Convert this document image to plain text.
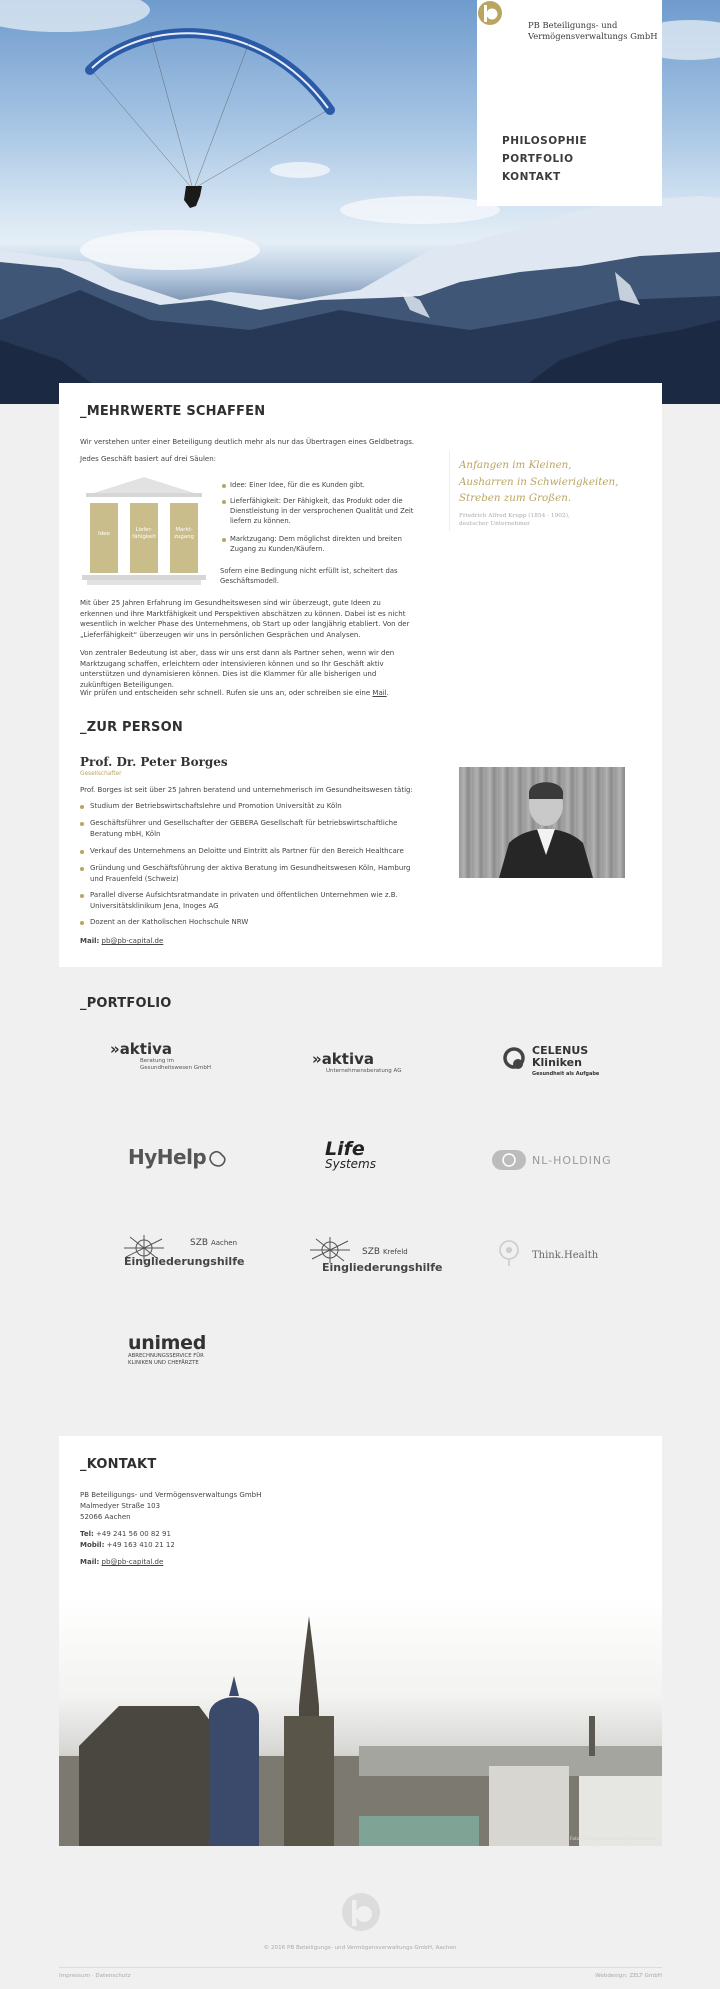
PB Beteiligungs- und
Vermögensverwaltungs GmbH
PHILOSOPHIE
PORTFOLIO
KONTAKT
_MEHRWERTE SCHAFFEN

Wir verstehen unter einer Beteiligung deutlich mehr als nur das Übertragen eines Geldbetrags.

Jedes Geschäft basiert auf drei Säulen:

Idee
Liefer-
fähigkeit
Markt-
zugang

Idee: Einer Idee, für die es Kunden gibt.

Lieferfähigkeit: Der Fähigkeit, das Produkt oder die Dienstleistung in der versprochenen Qualität und Zeit liefern zu können.

Marktzugang: Dem möglichst direkten und breiten Zugang zu Kunden/Käufern.

Sofern eine Bedingung nicht erfüllt ist, scheitert das Geschäftsmodell.

Mit über 25 Jahren Erfahrung im Gesundheitswesen sind wir überzeugt, gute Ideen zu erkennen und ihre Marktfähigkeit und Perspektiven abschätzen zu können. Dabei ist es nicht wesentlich in welcher Phase des Unternehmens, ob Start up oder langjährig etabliert. Von der „Lieferfähigkeit“ überzeugen wir uns in persönlichen Gesprächen und Analysen.

Von zentraler Bedeutung ist aber, dass wir uns erst dann als Partner sehen, wenn wir den Marktzugang schaffen, erleichtern oder intensivieren können und so Ihr Geschäft aktiv unterstützen und dynamisieren können. Dies ist die Klammer für alle bisherigen und zukünftigen Beteiligungen.

Wir prüfen und entscheiden sehr schnell. Rufen sie uns an, oder schreiben sie eine Mail.

Anfangen im Kleinen, Ausharren in Schwierigkeiten, Streben zum Großen.
Friedrich Alfred Krupp (1854 - 1902), deutscher Unternehmer
_ZUR PERSON
Prof. Dr. Peter Borges
Gesellschafter

Prof. Borges ist seit über 25 Jahren beratend und unternehmerisch im Gesundheitswesen tätig:

Studium der Betriebswirtschaftslehre und Promotion Universität zu Köln

Geschäftsführer und Gesellschafter der GEBERA Gesellschaft für betriebswirtschaftliche Beratung mbH, Köln

Verkauf des Unternehmens an Deloitte und Eintritt als Partner für den Bereich Healthcare

Gründung und Geschäftsführung der aktiva Beratung im Gesundheitswesen Köln, Hamburg und Frauenfeld (Schweiz)

Parallel diverse Aufsichtsratmandate in privaten und öffentlichen Unternehmen wie z.B. Universitätsklinikum Jena, Inoges AG

Dozent an der Katholischen Hochschule NRW

Mail: pb@pb-capital.de

_PORTFOLIO
»aktiva
Beratung im
Gesundheitswesen GmbH	»aktiva
Unternehmensberatung AG
CELENUS
Kliniken
Gesundheit als Aufgabe
HyHelp	Life
Systems	NL-HOLDING
SZB Aachen
Eingliederungshilfe
SZB Krefeld
Eingliederungshilfe
Think.Health
unimed
ABRECHNUNGSSERVICE FÜR
KLINIKEN UND CHEFÄRZTE
_KONTAKT

PB Beteiligungs- und Vermögensverwaltungs GmbH

Malmedyer Straße 103

52066 Aachen

Tel: +49 241 56 00 82 91

Mobil: +49 163 410 21 12

Mail: pb@pb-capital.de

Foto: ©Originalfotokunst/Shutterstock
© 2016 PB Beteiligungs- und Vermögensverwaltungs GmbH, Aachen
Impressum · Datenschutz	Webdesign: ZELT GmbH
